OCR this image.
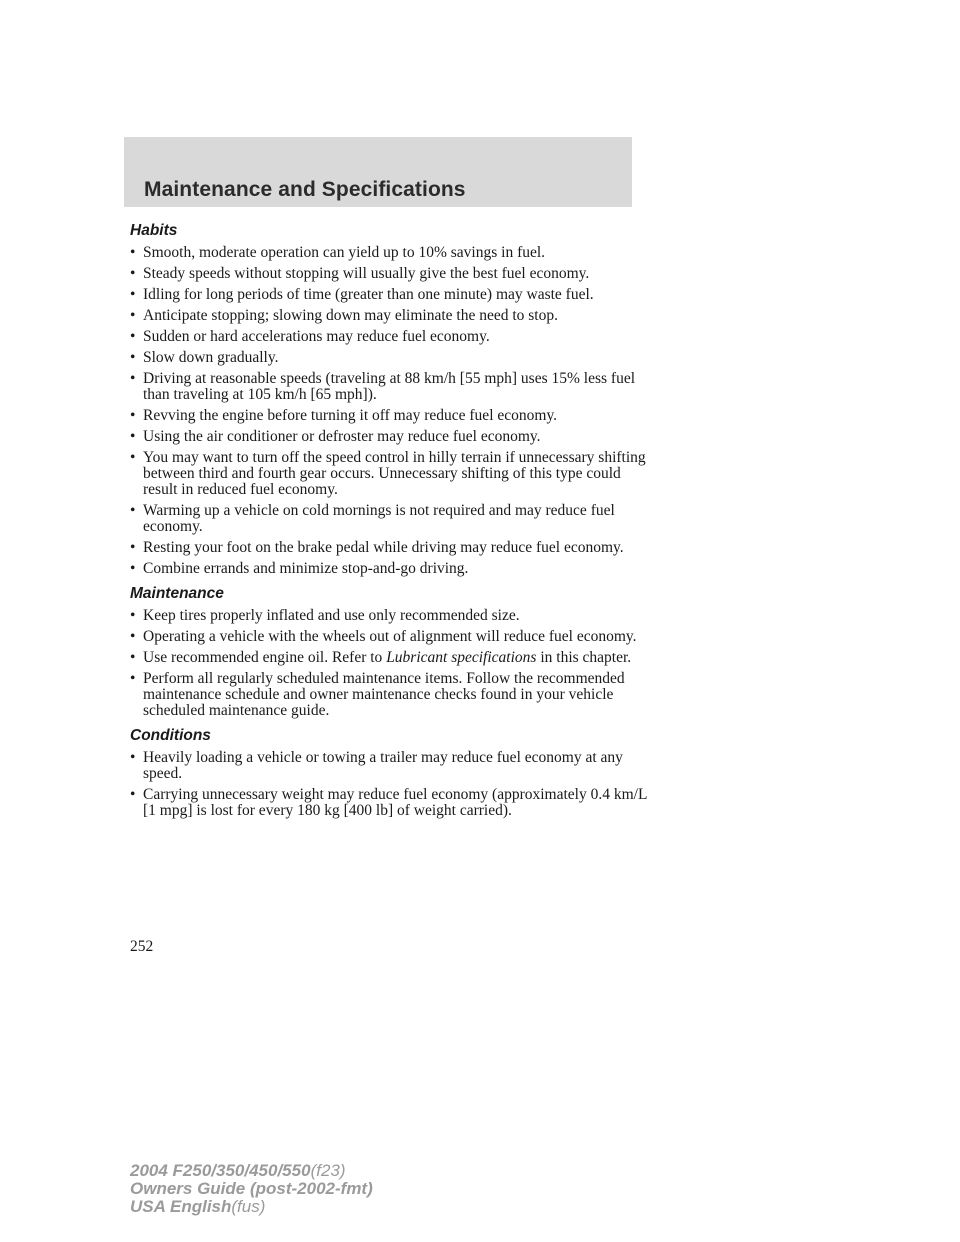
Maintenance and Specifications
Habits
• Smooth, moderate operation can yield up to 10% savings in fuel.
• Steady speeds without stopping will usually give the best fuel economy.
• Idling for long periods of time (greater than one minute) may waste fuel.
• Anticipate stopping; slowing down may eliminate the need to stop.
• Sudden or hard accelerations may reduce fuel economy.
• Slow down gradually.
• Driving at reasonable speeds (traveling at 88 km/h [55 mph] uses 15% less fuel than traveling at 105 km/h [65 mph]).
• Revving the engine before turning it off may reduce fuel economy.
• Using the air conditioner or defroster may reduce fuel economy.
• You may want to turn off the speed control in hilly terrain if unnecessary shifting between third and fourth gear occurs. Unnecessary shifting of this type could result in reduced fuel economy.
• Warming up a vehicle on cold mornings is not required and may reduce fuel economy.
• Resting your foot on the brake pedal while driving may reduce fuel economy.
• Combine errands and minimize stop-and-go driving.
Maintenance
• Keep tires properly inflated and use only recommended size.
• Operating a vehicle with the wheels out of alignment will reduce fuel economy.
• Use recommended engine oil. Refer to Lubricant specifications in this chapter.
• Perform all regularly scheduled maintenance items. Follow the recommended maintenance schedule and owner maintenance checks found in your vehicle scheduled maintenance guide.
Conditions
• Heavily loading a vehicle or towing a trailer may reduce fuel economy at any speed.
• Carrying unnecessary weight may reduce fuel economy (approximately 0.4 km/L [1 mpg] is lost for every 180 kg [400 lb] of weight carried).
252
2004 F250/350/450/550(f23)
Owners Guide (post-2002-fmt)
USA English(fus)
